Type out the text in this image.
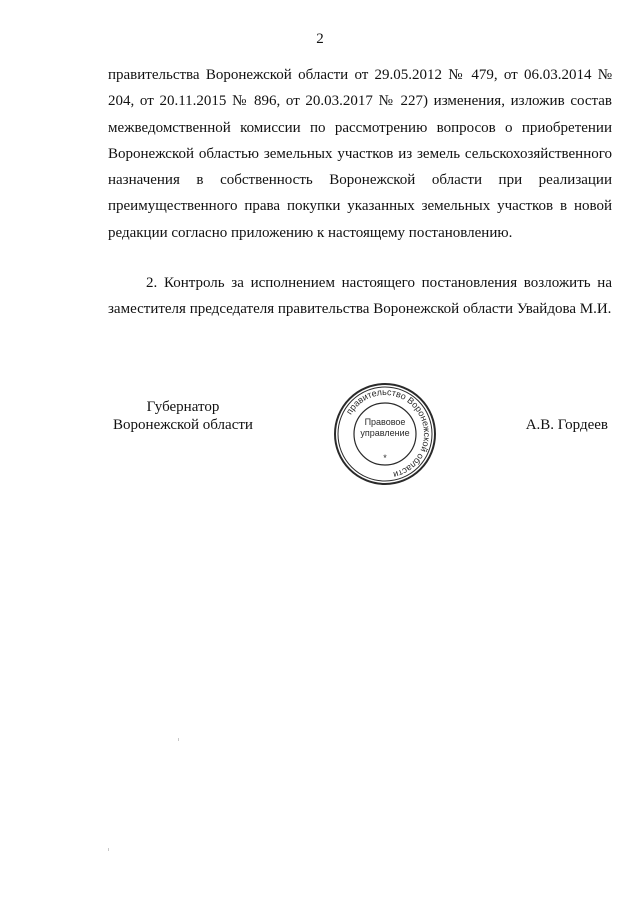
2
правительства Воронежской области от 29.05.2012 № 479, от 06.03.2014 № 204, от 20.11.2015 № 896, от 20.03.2017 № 227) изменения, изложив состав межведомственной комиссии по рассмотрению вопросов о приобретении Воронежской областью земельных участков из земель сельскохозяйственного назначения в собственность Воронежской области при реализации преимущественного права покупки указанных земельных участков в новой редакции согласно приложению к настоящему постановлению.
2. Контроль за исполнением настоящего постановления возложить на заместителя председателя правительства Воронежской области Увайдова М.И.
Губернатор
Воронежской области
правительство Воронежской области
Правовое
управление
*
А.В. Гордеев
